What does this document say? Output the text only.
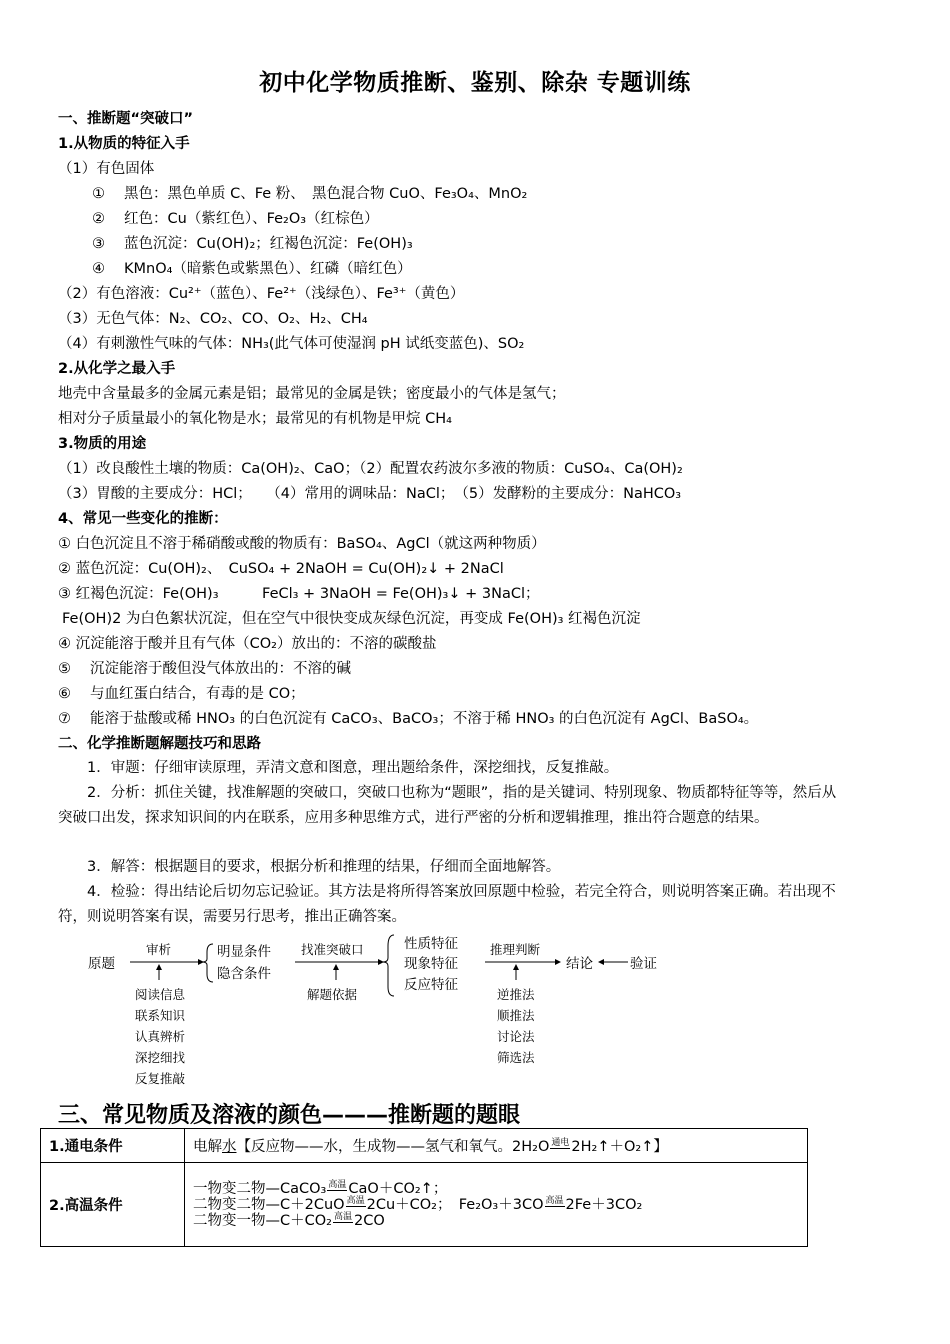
初中化学物质推断、鉴别、除杂 专题训练
一、推断题“突破口”
1.从物质的特征入手
（1）有色固体
① 黑色：黑色单质 C、Fe 粉、　黑色混合物 CuO、Fe₃O₄、MnO₂
② 红色：Cu（紫红色）、Fe₂O₃（红棕色）
③ 蓝色沉淀：Cu(OH)₂；红褐色沉淀：Fe(OH)₃
④ KMnO₄（暗紫色或紫黑色）、红磷（暗红色）
（2）有色溶液：Cu²⁺（蓝色）、Fe²⁺（浅绿色）、Fe³⁺（黄色）
（3）无色气体：N₂、CO₂、CO、O₂、H₂、CH₄
（4）有刺激性气味的气体：NH₃(此气体可使湿润 pH 试纸变蓝色)、SO₂
2.从化学之最入手
地壳中含量最多的金属元素是铝；最常见的金属是铁；密度最小的气体是氢气；
相对分子质量最小的氧化物是水；最常见的有机物是甲烷 CH₄
3.物质的用途
（1）改良酸性土壤的物质：Ca(OH)₂、CaO；（2）配置农药波尔多液的物质：CuSO₄、Ca(OH)₂
（3）胃酸的主要成分：HCl；　　（4）常用的调味品：NaCl；　（5）发酵粉的主要成分：NaHCO₃
4、常见一些变化的推断：
① 白色沉淀且不溶于稀硝酸或酸的物质有：BaSO₄、AgCl（就这两种物质）
② 蓝色沉淀：Cu(OH)₂、　CuSO₄ + 2NaOH = Cu(OH)₂↓ + 2NaCl
③ 红褐色沉淀：Fe(OH)₃　　　FeCl₃ + 3NaOH = Fe(OH)₃↓ + 3NaCl；
Fe(OH)2 为白色絮状沉淀，但在空气中很快变成灰绿色沉淀，再变成 Fe(OH)₃ 红褐色沉淀
④ 沉淀能溶于酸并且有气体（CO₂）放出的：不溶的碳酸盐
⑤ 沉淀能溶于酸但没气体放出的：不溶的碱
⑥ 与血红蛋白结合，有毒的是 CO；
⑦ 能溶于盐酸或稀 HNO₃ 的白色沉淀有 CaCO₃、BaCO₃；不溶于稀 HNO₃ 的白色沉淀有 AgCl、BaSO₄。
二、化学推断题解题技巧和思路
1．审题：仔细审读原理，弄清文意和图意，理出题给条件，深挖细找，反复推敲。
2．分析：抓住关键，找准解题的突破口，突破口也称为“题眼”，指的是关键词、特别现象、物质都特征等等，然后从突破口出发，探求知识间的内在联系，应用多种思维方式，进行严密的分析和逻辑推理，推出符合题意的结果。
3．解答：根据题目的要求，根据分析和推理的结果，仔细而全面地解答。
4．检验：得出结论后切勿忘记验证。其方法是将所得答案放回原题中检验，若完全符合，则说明答案正确。若出现不符，则说明答案有误，需要另行思考，推出正确答案。
原题
审析
阅读信息
联系知识
认真辨析
深挖细找
反复推敲
明显条件
隐含条件
找准突破口
解题依据
性质特征
现象特征
反应特征
推理判断
逆推法
顺推法
讨论法
筛选法
结论	验证
三、常见物质及溶液的颜色———推断题的题眼
1.通电条件	电解水【反应物——水，生成物——氢气和氧气。2H₂O 通电 2H₂↑＋O₂↑】
2.高温条件	一物变二物—CaCO₃ 高温 CaO＋CO₂↑；
二物变二物—C＋2CuO 高温 2Cu＋CO₂；　Fe₂O₃＋3CO 高温 2Fe＋3CO₂
二物变一物—C＋CO₂ 高温 2CO
